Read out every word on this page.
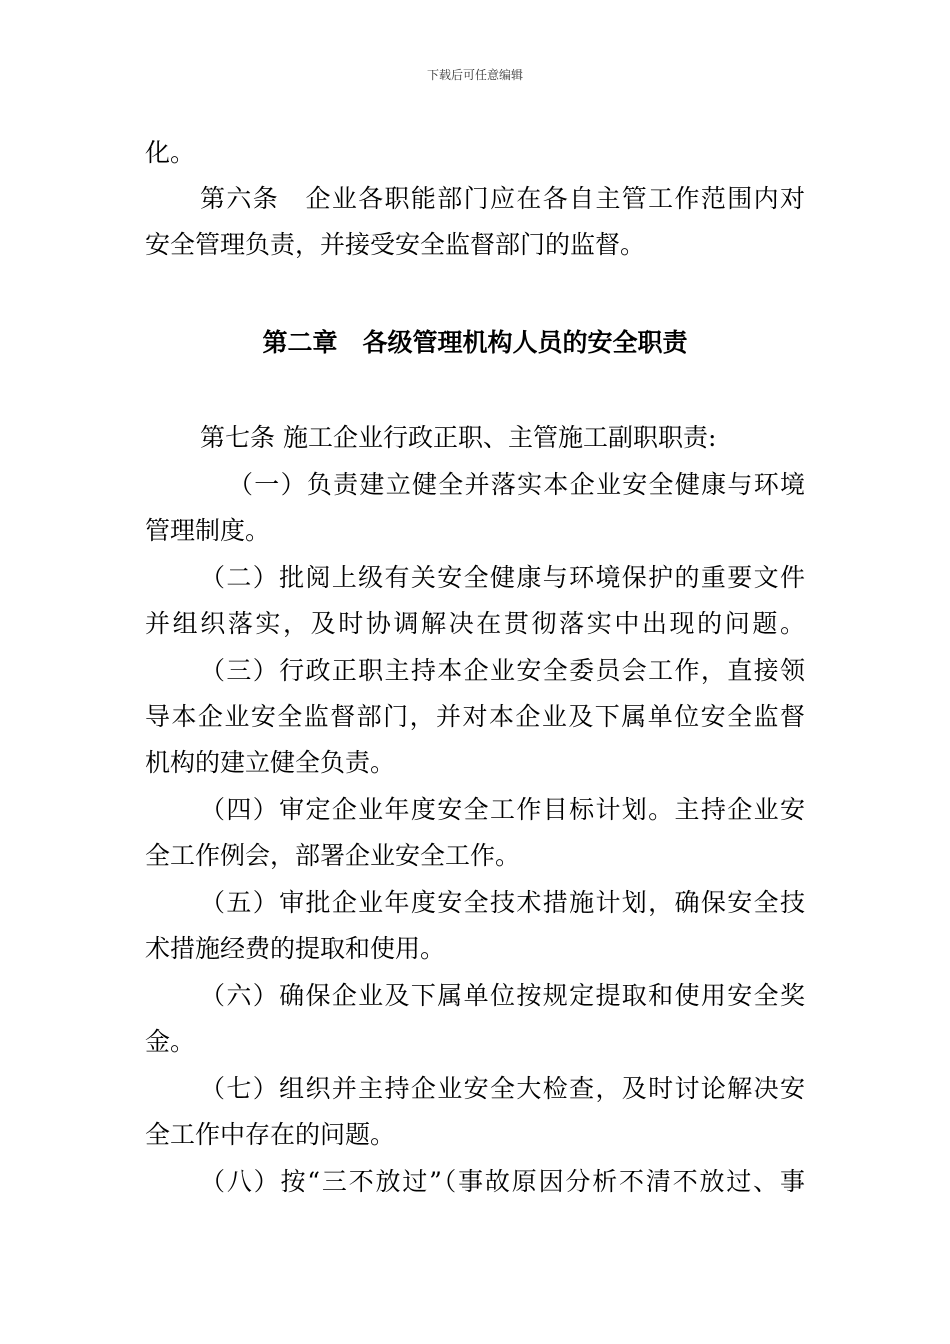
下载后可任意编辑
化。
第六条　企业各职能部门应在各自主管工作范围内对
安全管理负责，并接受安全监督部门的监督。
第二章　各级管理机构人员的安全职责
第七条 施工企业行政正职、主管施工副职职责:
（一）负责建立健全并落实本企业安全健康与环境
管理制度。
（二）批阅上级有关安全健康与环境保护的重要文件
并组织落实，及时协调解决在贯彻落实中出现的问题。
（三）行政正职主持本企业安全委员会工作，直接领
导本企业安全监督部门，并对本企业及下属单位安全监督
机构的建立健全负责。
（四）审定企业年度安全工作目标计划。主持企业安
全工作例会，部署企业安全工作。
（五）审批企业年度安全技术措施计划，确保安全技
术措施经费的提取和使用。
（六）确保企业及下属单位按规定提取和使用安全奖
金。
（七）组织并主持企业安全大检查，及时讨论解决安
全工作中存在的问题。
（八）按“三不放过”（事故原因分析不清不放过、事
